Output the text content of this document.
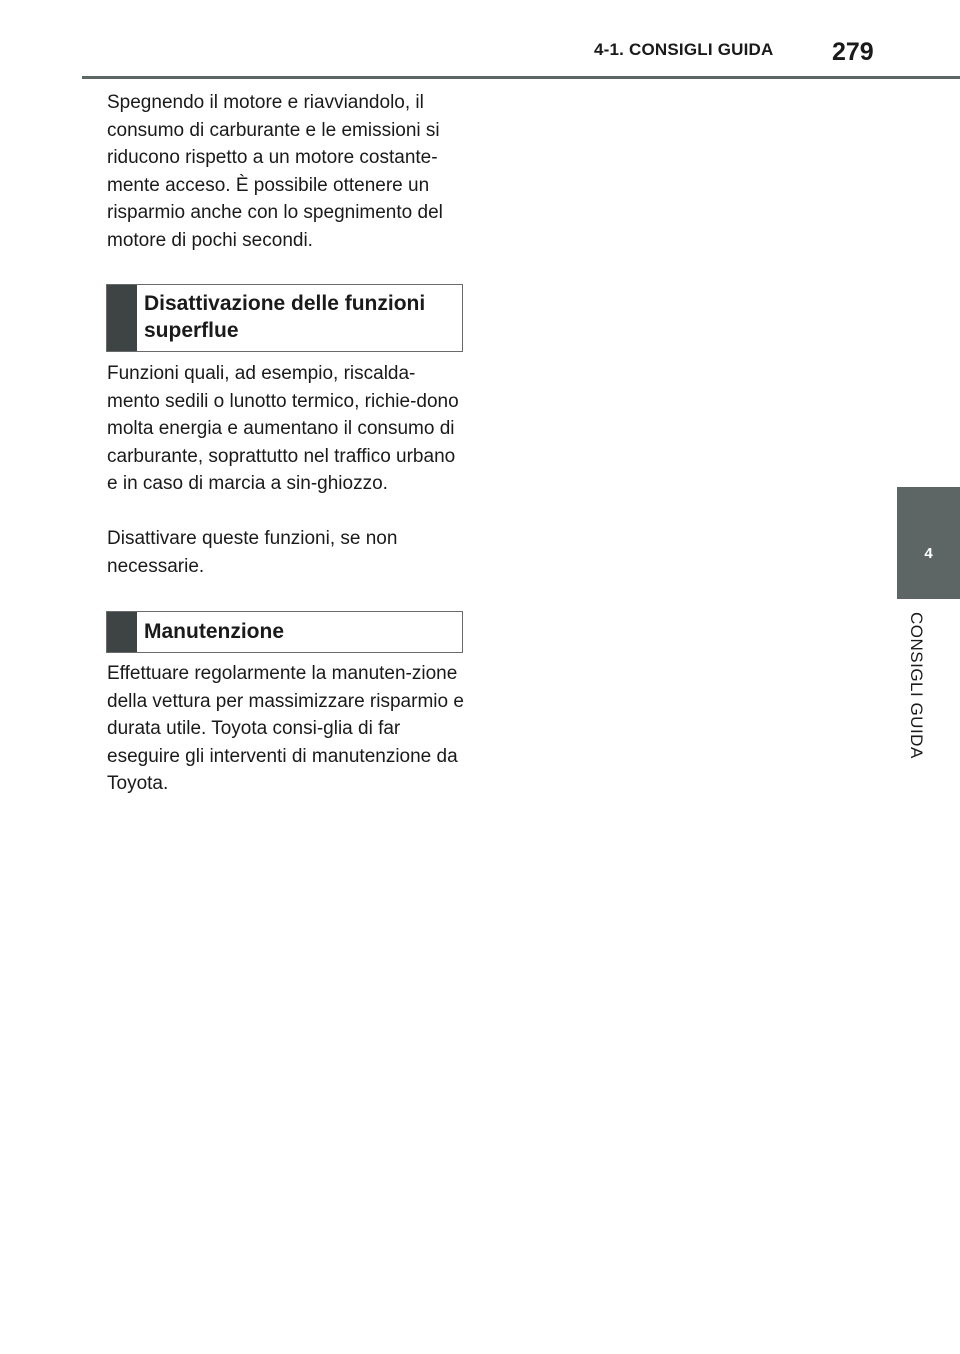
4-1. CONSIGLI GUIDA 279
4
CONSIGLI GUIDA

Spegnendo il motore e riavviandolo, il consumo di carburante e le emissioni si riducono rispetto a un motore costante-mente acceso. È possibile ottenere un risparmio anche con lo spegnimento del motore di pochi secondi.

Disattivazione delle funzioni superflue

Funzioni quali, ad esempio, riscalda-mento sedili o lunotto termico, richie-dono molta energia e aumentano il consumo di carburante, soprattutto nel traffico urbano e in caso di marcia a sin-ghiozzo.

Disattivare queste funzioni, se non necessarie.

Manutenzione

Effettuare regolarmente la manuten-zione della vettura per massimizzare risparmio e durata utile. Toyota consi-glia di far eseguire gli interventi di manutenzione da Toyota.
